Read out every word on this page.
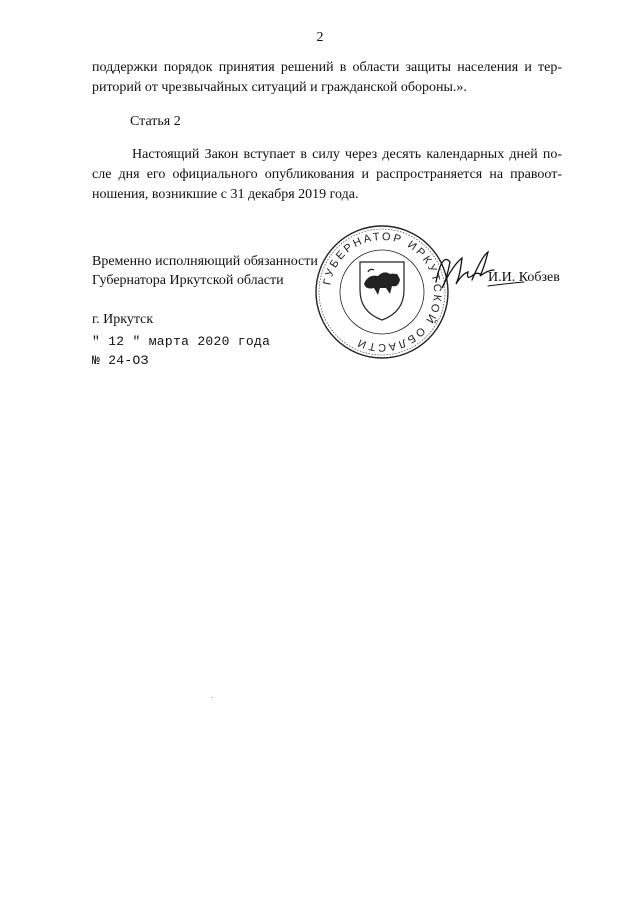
2
поддержки порядок принятия решений в области защиты населения и тер-
риторий от чрезвычайных ситуаций и гражданской обороны.».
Статья 2
Настоящий Закон вступает в силу через десять календарных дней по-
сле дня его официального опубликования и распространяется на правоот-
ношения, возникшие с 31 декабря 2019 года.
Временно исполняющий обязанности
Губернатора Иркутской области	ГУБЕРНАТОР ИРКУТСКОЙ ОБЛАСТИ
И.И. Кобзев
г. Иркутск
" 12 " марта 2020 года
№ 24-ОЗ
